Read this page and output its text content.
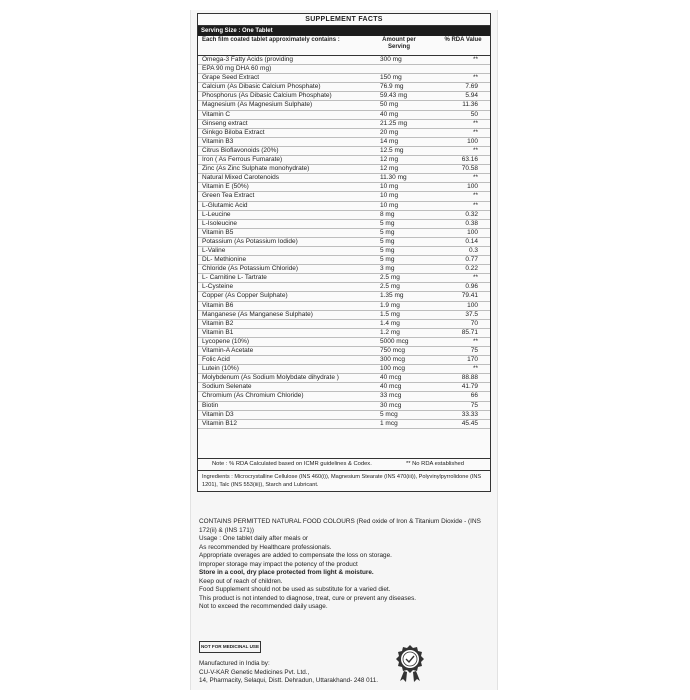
SUPPLEMENT FACTS
Serving Size : One Tablet
Each film coated tablet approximately contains :	Amount per Serving
% RDA Value
Omega-3 Fatty Acids (providing	300 mg	**
EPA 90 mg DHA 60 mg)
Grape Seed Extract	150 mg	**
Calcium (As Dibasic Calcium Phosphate)	76.9 mg	7.69
Phosphorus (As Dibasic Calcium Phosphate)	59.43 mg	5.94
Magnesium (As Magnesium Sulphate)	50 mg	11.36
Vitamin C	40 mg	50
Ginseng extract	21.25 mg	**
Ginkgo Biloba Extract	20 mg	**
Vitamin B3	14 mg	100
Citrus Bioflavonoids (20%)	12.5 mg	**
Iron ( As Ferrous Fumarate)	12 mg	63.16
Zinc (As Zinc Sulphate monohydrate)	12 mg	70.58
Natural Mixed Carotenoids	11.30 mg	**
Vitamin E (50%)	10 mg	100
Green Tea Extract	10 mg	**
L-Glutamic Acid	10 mg	**
L-Leucine	8 mg	0.32
L-Isoleucine	5 mg	0.38
Vitamin B5	5 mg	100
Potassium (As Potassium Iodide)	5 mg	0.14
L-Valine	5 mg	0.3
DL- Methionine	5 mg	0.77
Chloride (As Potassium Chloride)	3 mg	0.22
L- Carnitine L- Tartrate	2.5 mg	**
L-Cysteine	2.5 mg	0.96
Copper (As Copper Sulphate)	1.35 mg	79.41
Vitamin B6	1.9 mg	100
Manganese (As Manganese Sulphate)	1.5 mg	37.5
Vitamin B2	1.4 mg	70
Vitamin B1	1.2 mg	85.71
Lycopene (10%)	5000 mcg	**
Vitamin-A Acetate	750 mcg	75
Folic Acid	300 mcg	170
Lutein (10%)	100 mcg	**
Molybdenum (As Sodium Molybdate dihydrate )	40 mcg	88.88
Sodium Selenate	40 mcg	41.79
Chromium (As Chromium Chloride)	33 mcg	66
Biotin	30 mcg	75
Vitamin D3	5 mcg	33.33
Vitamin B12	1 mcg	45.45
Note : % RDA Calculated based on ICMR guidelines & Codex.	** No RDA established
Ingredients : Microcrystalline Cellulose (INS 460(i)), Magnesium Stearate (INS 470(iii)), Polyvinylpyrrolidone (INS 1201), Talc (INS 553(iii)), Starch and Lubricant.

CONTAINS PERMITTED NATURAL FOOD COLOURS (Red oxide of Iron & Titanium Dioxide - (INS 172(ii) & (INS 171))

Usage : One tablet daily after meals or

As recommended by Healthcare professionals.

Appropriate overages are added to compensate the loss on storage.

Improper storage may impact the potency of the product

Store in a cool, dry place protected from light & moisture.

Keep out of reach of children.

Food Supplement should not be used as substitute for a varied diet.

This product is not intended to diagnose, treat, cure or prevent any diseases.

Not to exceed the recommended daily usage.

NOT FOR MEDICINAL USE

Manufactured in India by:

CU-V-KAR Genetic Medicines Pvt. Ltd.,

14, Pharmacity, Selaqui, Distt. Dehradun, Uttarakhand- 248 011.
